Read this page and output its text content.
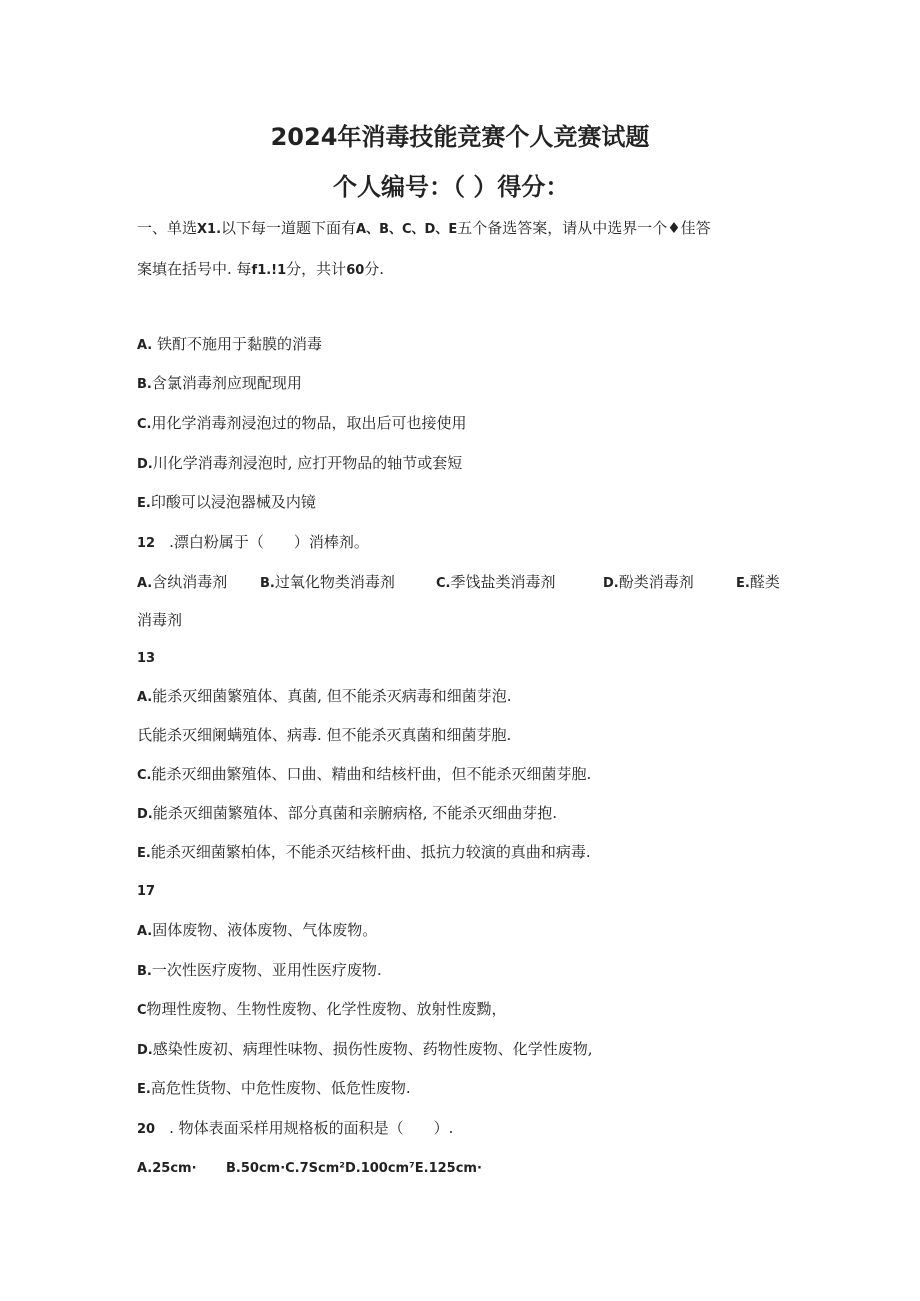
2024年消毒技能竞赛个人竞赛试题
个人编号：（ ）得分：
一、单选X1.以下每一道题下面有A、B、C、D、E五个备选答案，请从中选界一个♦佳答
案填在括号中. 每f1.!1分，共计60分.
A. 铁酊不施用于黏膜的消毒
B.含氯消毒剂应现配现用
C.用化学消毒剂浸泡过的物品，取出后可也接使用
D.川化学消毒剂浸泡时, 应打开物品的轴节或套短
E.印酸可以浸泡器械及内镜
12 .漂白粉属于（　　）消棒剂。
A.含纨消毒剂	B.过氧化物类消毒剂	C.季饯盐类消毒剂	D.酚类消毒剂	E.醛类
消毒剂
13
A.能杀灭细菌繁殖体、真菌, 但不能杀灭病毒和细菌芽泡.
氏能杀灭细阑螨殖体、病毒. 但不能杀灭真菌和细菌芽胞.
C.能杀灭细曲繁殖体、口曲、精曲和结核杆曲，但不能杀灭细菌芽胞.
D.能杀灭细菌繁殖体、部分真菌和亲腑病格, 不能杀灭细曲芽抱.
E.能杀灭细菌繁柏体，不能杀灭结核杆曲、抵抗力较演的真曲和病毒.
17
A.固体废物、液体废物、气体废物。
B.一次性医疗废物、亚用性医疗废物.
C物理性废物、生物性废物、化学性废物、放射性废黝，
D.感染性废初、病理性味物、损伤性废物、药物性废物、化学性废物,
E.高危性货物、中危性废物、低危性废物.
20 . 物体表面采样用规格板的面积是（　　）.
A.25cm· B.50cm·C.7Scm²D.100cm⁷E.125cm·
